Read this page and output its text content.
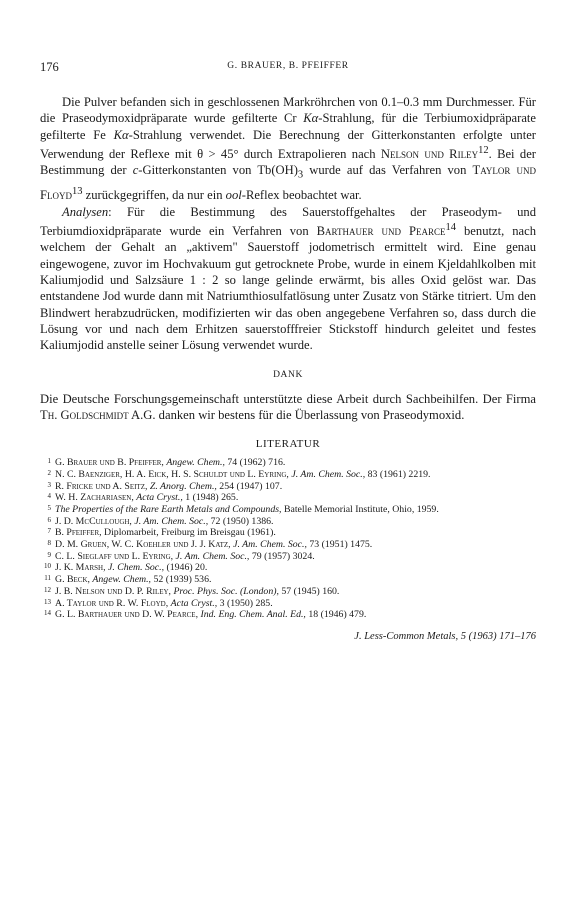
176	G. BRAUER, B. PFEIFFER

Die Pulver befanden sich in geschlossenen Markröhrchen von 0.1–0.3 mm Durchmesser. Für die Praseodymoxidpräparate wurde gefilterte Cr Kα-Strahlung, für die Terbiumoxidpräparate gefilterte Fe Kα-Strahlung verwendet. Die Berechnung der Gitterkonstanten erfolgte unter Verwendung der Reflexe mit θ > 45° durch Extrapolieren nach Nelson und Riley$^{12}$. Bei der Bestimmung der c-Gitterkonstanten von $Tb(OH)_3$ wurde auf das Verfahren von Taylor und Floyd$^{13}$ zurückgegriffen, da nur ein ool-Reflex beobachtet war.

Analysen: Für die Bestimmung des Sauerstoffgehaltes der Praseodym- und Terbiumdioxidpräparate wurde ein Verfahren von Barthauer und Pearce$^{14}$ benutzt, nach welchem der Gehalt an „aktivem" Sauerstoff jodometrisch ermittelt wird. Eine genau eingewogene, zuvor im Hochvakuum gut getrocknete Probe, wurde in einem Kjeldahlkolben mit Kaliumjodid und Salzsäure 1 : 2 so lange gelinde erwärmt, bis alles Oxid gelöst war. Das entstandene Jod wurde dann mit Natriumthiosulfatlösung unter Zusatz von Stärke titriert. Um den Blindwert herabzudrücken, modifizierten wir das oben angegebene Verfahren so, dass durch die Lösung vor und nach dem Erhitzen sauerstofffreier Stickstoff hindurch geleitet und festes Kaliumjodid anstelle seiner Lösung verwendet wurde.

DANK

Die Deutsche Forschungsgemeinschaft unterstützte diese Arbeit durch Sachbeihilfen. Der Firma Th. Goldschmidt A.G. danken wir bestens für die Überlassung von Praseodymoxid.

LITERATUR
1 G. Brauer und B. Pfeiffer, Angew. Chem., 74 (1962) 716.
2 N. C. Baenziger, H. A. Eick, H. S. Schuldt und L. Eyring, J. Am. Chem. Soc., 83 (1961) 2219.
3 R. Fricke und A. Seitz, Z. Anorg. Chem., 254 (1947) 107.
4 W. H. Zachariasen, Acta Cryst., 1 (1948) 265.
5 The Properties of the Rare Earth Metals and Compounds, Batelle Memorial Institute, Ohio, 1959.
6 J. D. McCullough, J. Am. Chem. Soc., 72 (1950) 1386.
7 B. Pfeiffer, Diplomarbeit, Freiburg im Breisgau (1961).
8 D. M. Gruen, W. C. Koehler und J. J. Katz, J. Am. Chem. Soc., 73 (1951) 1475.
9 C. L. Sieglaff und L. Eyring, J. Am. Chem. Soc., 79 (1957) 3024.
10 J. K. Marsh, J. Chem. Soc., (1946) 20.
11 G. Beck, Angew. Chem., 52 (1939) 536.
12 J. B. Nelson und D. P. Riley, Proc. Phys. Soc. (London), 57 (1945) 160.
13 A. Taylor und R. W. Floyd, Acta Cryst., 3 (1950) 285.
14 G. L. Barthauer und D. W. Pearce, Ind. Eng. Chem. Anal. Ed., 18 (1946) 479.
J. Less-Common Metals, 5 (1963) 171–176
